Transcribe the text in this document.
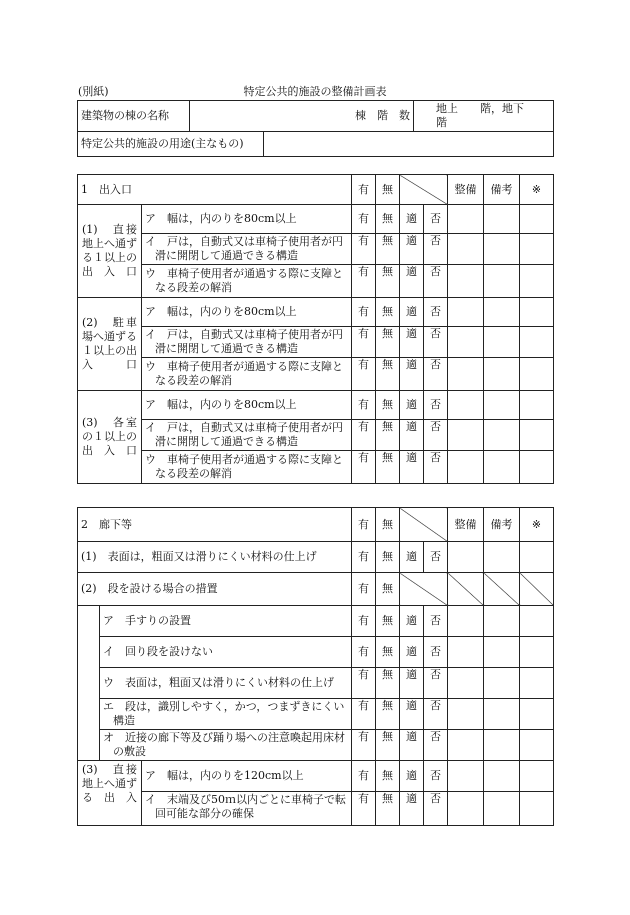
(別紙)	特定公共的施設の整備計画表
建築物の棟の名称	棟　 階　数		地上　　 階，地下　　階
特定公共的施設の用途(主なもの)			
1　出入口		有	無			整備	備考	※
(1)　直接地上へ通ずる１以上の出入口	ア　幅は，内のりを80cm以上	有	無	適	否			
	イ　戸は，自動式又は車椅子使用者が円滑に開閉して通過できる構造	有	無	適	否			
	ウ　車椅子使用者が通過する際に支障となる段差の解消	有	無	適	否			
(2)　駐車場へ通ずる１以上の出入口	ア　幅は，内のりを80cm以上	有	無	適	否			
	イ　戸は，自動式又は車椅子使用者が円滑に開閉して通過できる構造	有	無	適	否			
	ウ　車椅子使用者が通過する際に支障となる段差の解消	有	無	適	否			
(3)　各室の１以上の出入口	ア　幅は，内のりを80cm以上	有	無	適	否			
	イ　戸は，自動式又は車椅子使用者が円滑に開閉して通過できる構造	有	無	適	否			
	ウ　車椅子使用者が通過する際に支障となる段差の解消	有	無	適	否			
2　廊下等			有	無			整備	備考	※
(1)　表面は，粗面又は滑りにくい材料の仕上げ			有	無	適	否			
(2)　段を設ける場合の措置			有	無					
	ア　手すりの設置		有	無	適	否			
	イ　回り段を設けない		有	無	適	否			
	ウ　表面は，粗面又は滑りにくい材料の仕上げ		有	無	適	否			
	エ　段は，識別しやすく，かつ，つまずきにくい構造		有	無	適	否			
	オ　近接の廊下等及び踊り場への注意喚起用床材の敷設		有	無	適	否			
(3)　直接地上へ通ずる出入		ア　幅は，内のりを120cm以上	有	無	適	否			
		イ　末端及び50ｍ以内ごとに車椅子で転回可能な部分の確保	有	無	適	否			
